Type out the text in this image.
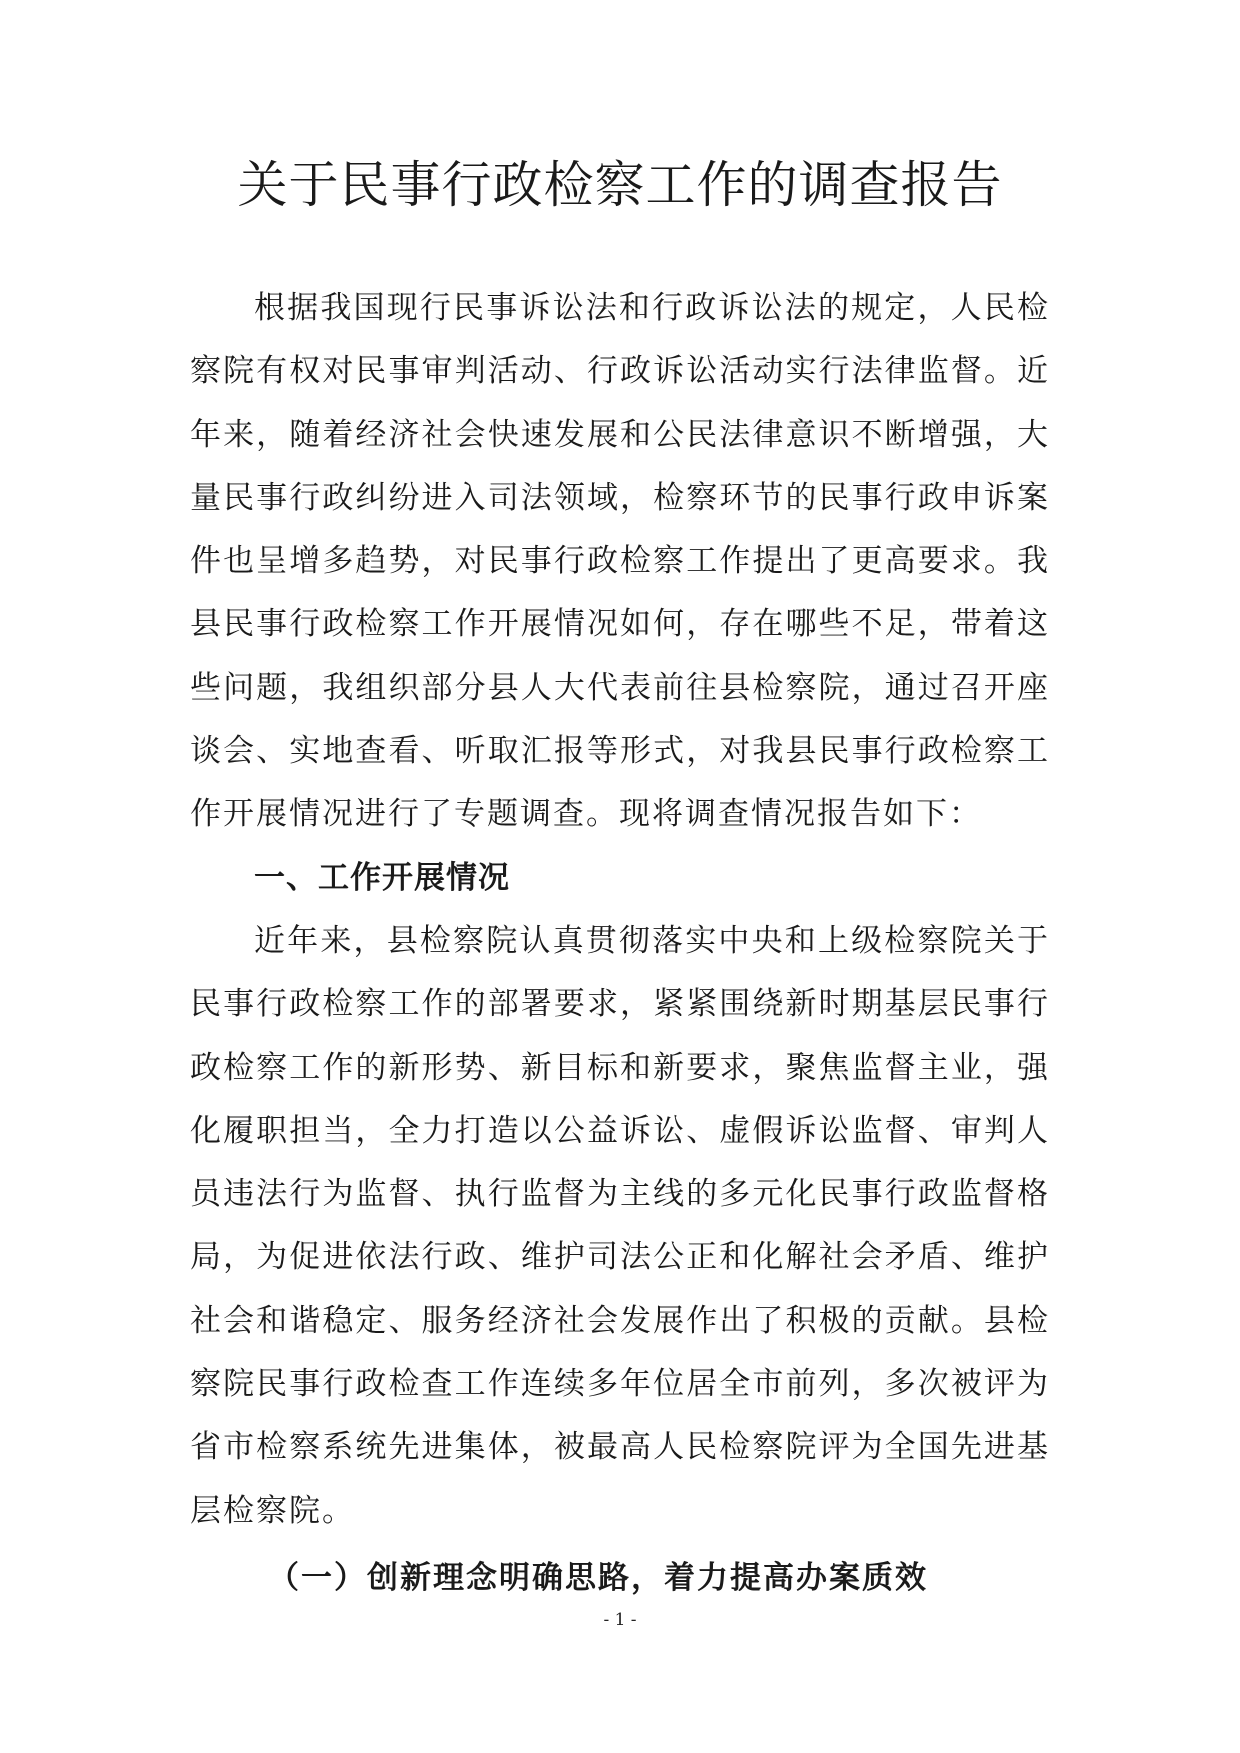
关于民事行政检察工作的调查报告

根据我国现行民事诉讼法和行政诉讼法的规定，人民检察院有权对民事审判活动、行政诉讼活动实行法律监督。近年来，随着经济社会快速发展和公民法律意识不断增强，大量民事行政纠纷进入司法领域，检察环节的民事行政申诉案件也呈增多趋势，对民事行政检察工作提出了更高要求。我县民事行政检察工作开展情况如何，存在哪些不足，带着这些问题，我组织部分县人大代表前往县检察院，通过召开座谈会、实地查看、听取汇报等形式，对我县民事行政检察工作开展情况进行了专题调查。现将调查情况报告如下：

一、工作开展情况

近年来，县检察院认真贯彻落实中央和上级检察院关于民事行政检察工作的部署要求，紧紧围绕新时期基层民事行政检察工作的新形势、新目标和新要求，聚焦监督主业，强化履职担当，全力打造以公益诉讼、虚假诉讼监督、审判人员违法行为监督、执行监督为主线的多元化民事行政监督格局，为促进依法行政、维护司法公正和化解社会矛盾、维护社会和谐稳定、服务经济社会发展作出了积极的贡献。县检察院民事行政检查工作连续多年位居全市前列，多次被评为省市检察系统先进集体，被最高人民检察院评为全国先进基层检察院。

（一）创新理念明确思路，着力提高办案质效

- 1 -
